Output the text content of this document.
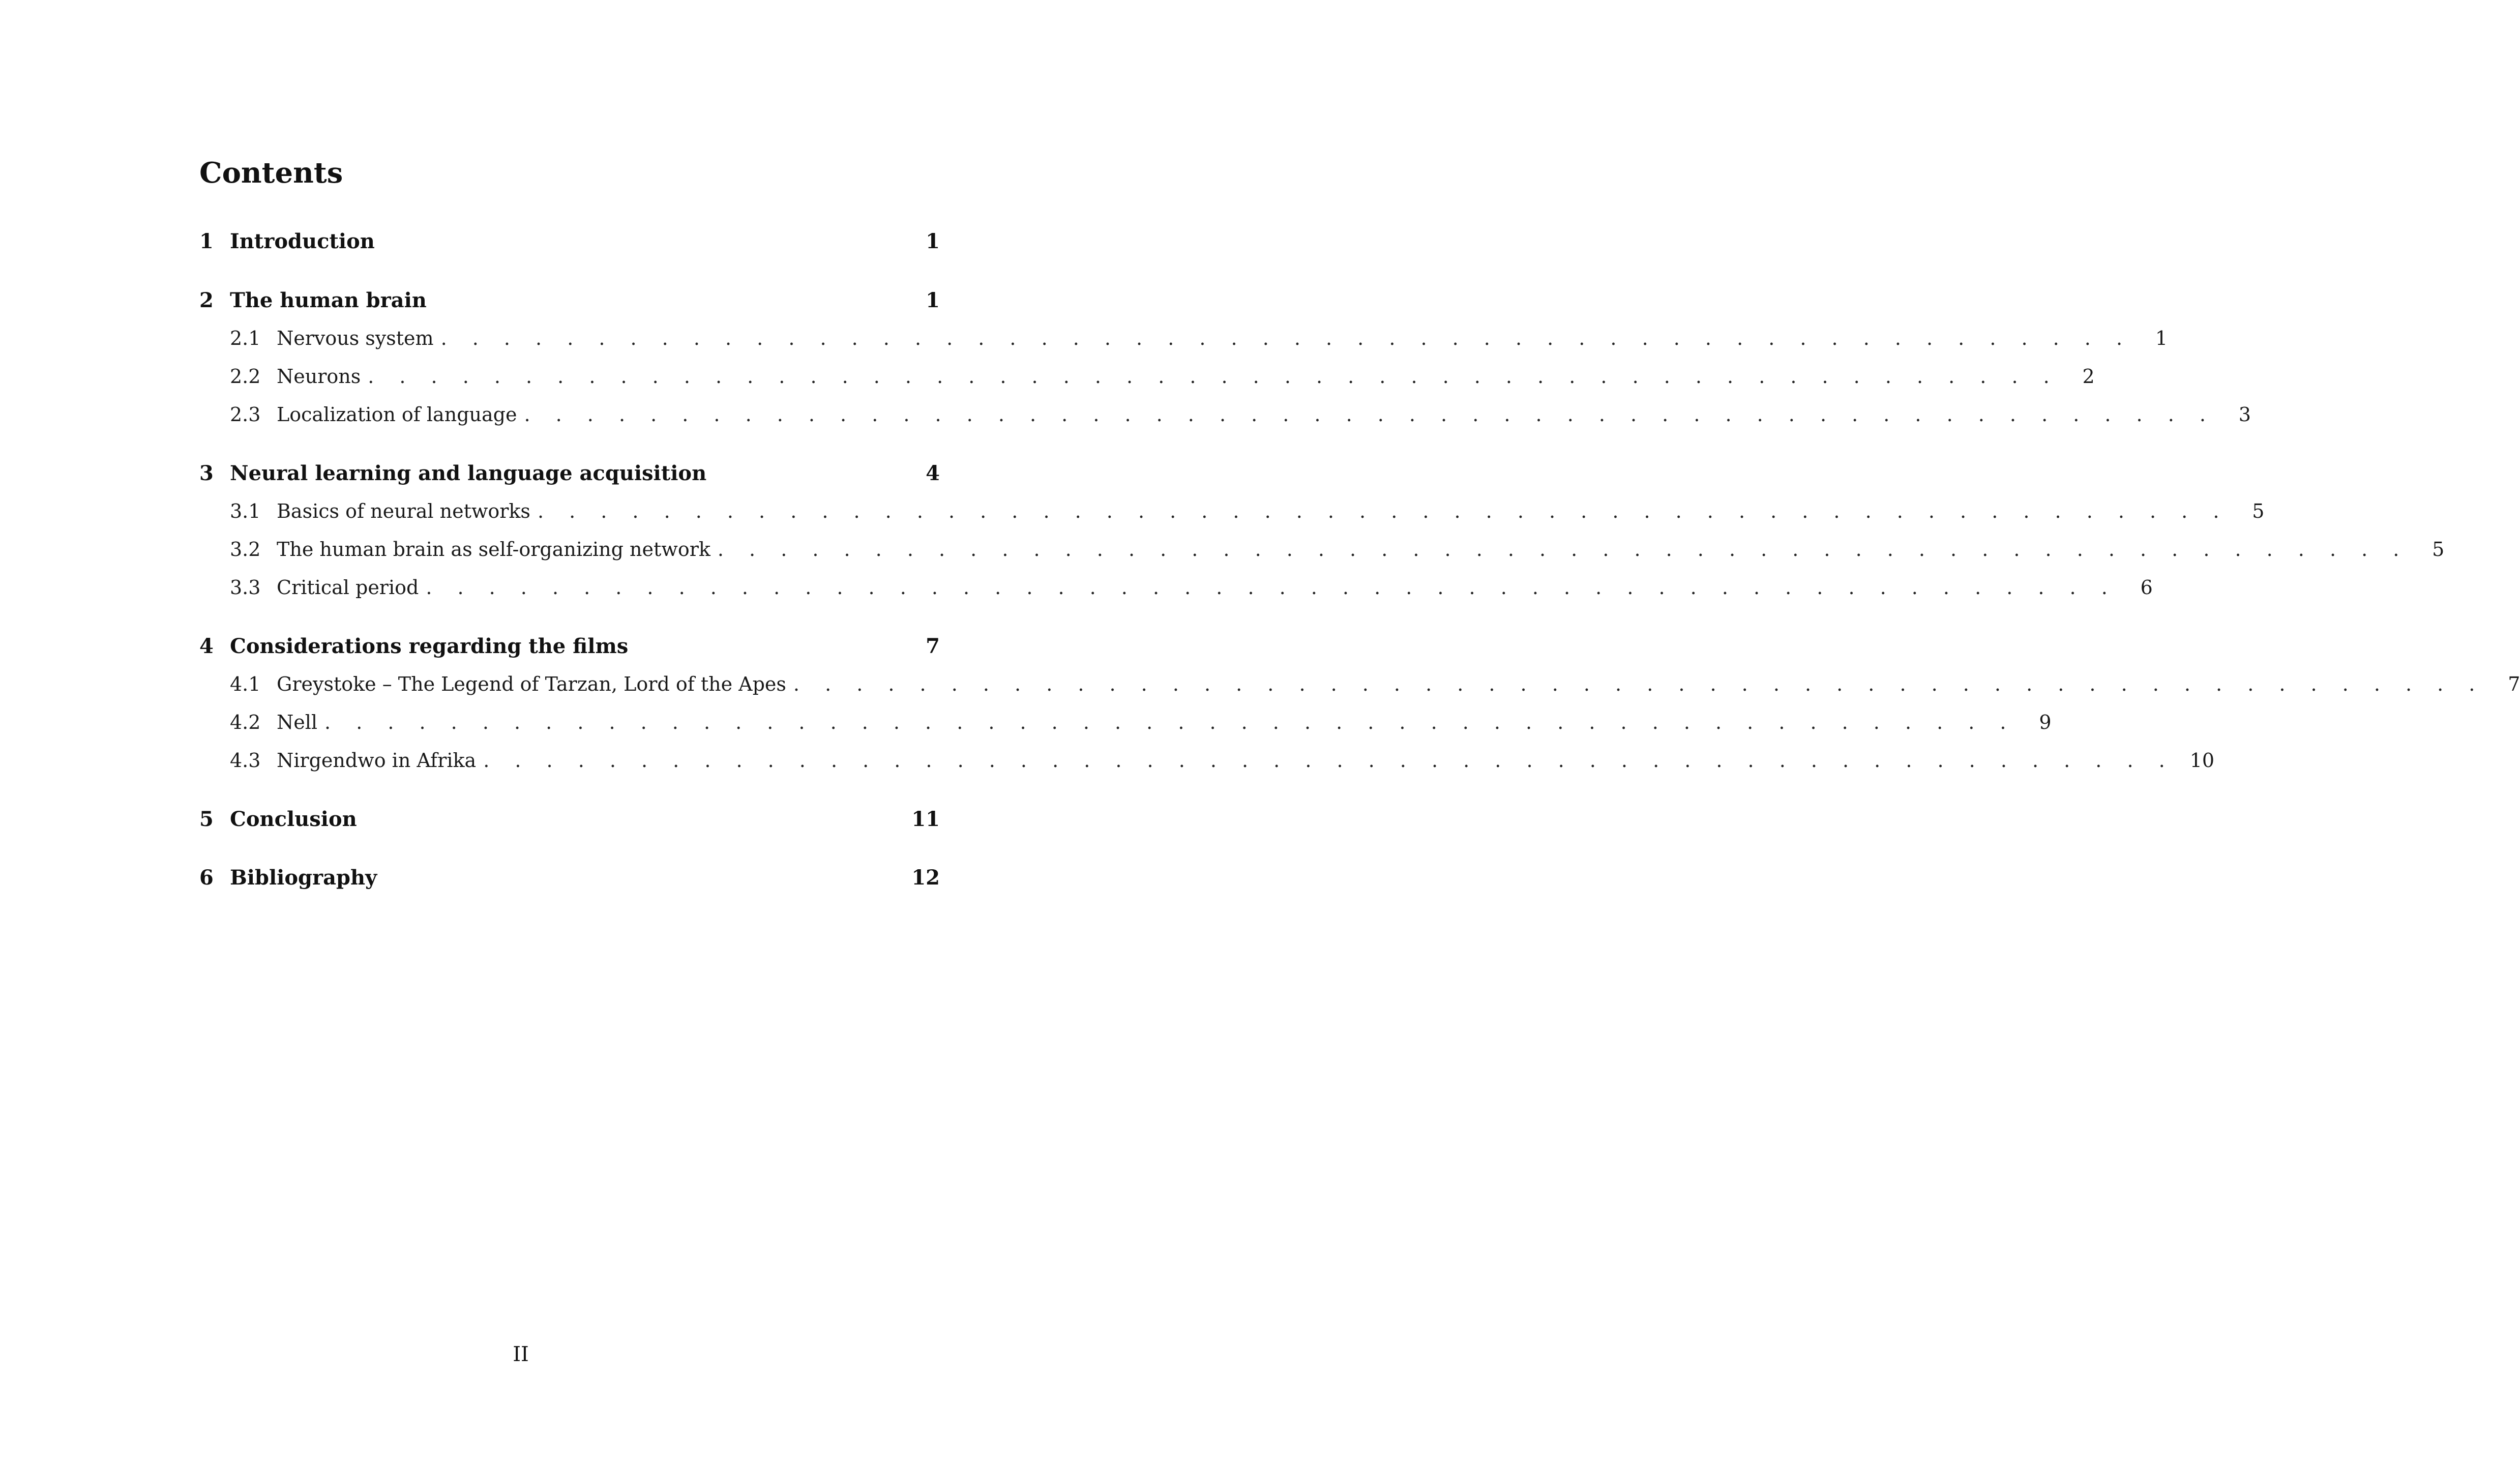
Contents
1 Introduction	1
2 The human brain	1
2.1 Nervous system . . . . . . . . . . . . . . . . . . . . . . . . . . . . . . . . . . . . . . . . . . . . . . . . . . . . . .	1
2.2 Neurons . . . . . . . . . . . . . . . . . . . . . . . . . . . . . . . . . . . . . . . . . . . . . . . . . . . . . .	2
2.3 Localization of language . . . . . . . . . . . . . . . . . . . . . . . . . . . . . . . . . . . . . . . . . . . . . . . . . . . . . .	3
3 Neural learning and language acquisition	4
3.1 Basics of neural networks . . . . . . . . . . . . . . . . . . . . . . . . . . . . . . . . . . . . . . . . . . . . . . . . . . . . . .	5
3.2 The human brain as self-organizing network . . . . . . . . . . . . . . . . . . . . . . . . . . . . . . . . . . . . . . . . . . . . . . . . . . . . . .	5
3.3 Critical period . . . . . . . . . . . . . . . . . . . . . . . . . . . . . . . . . . . . . . . . . . . . . . . . . . . . . .	6
4 Considerations regarding the films	7
4.1 Greystoke – The Legend of Tarzan, Lord of the Apes . . . . . . . . . . . . . . . . . . . . . . . . . . . . . . . . . . . . . . . . . . . . . . . . . . . . . .	7
4.2 Nell . . . . . . . . . . . . . . . . . . . . . . . . . . . . . . . . . . . . . . . . . . . . . . . . . . . . . .	9
4.3 Nirgendwo in Afrika . . . . . . . . . . . . . . . . . . . . . . . . . . . . . . . . . . . . . . . . . . . . . . . . . . . . . . 10
5 Conclusion	11
6 Bibliography	12
II
